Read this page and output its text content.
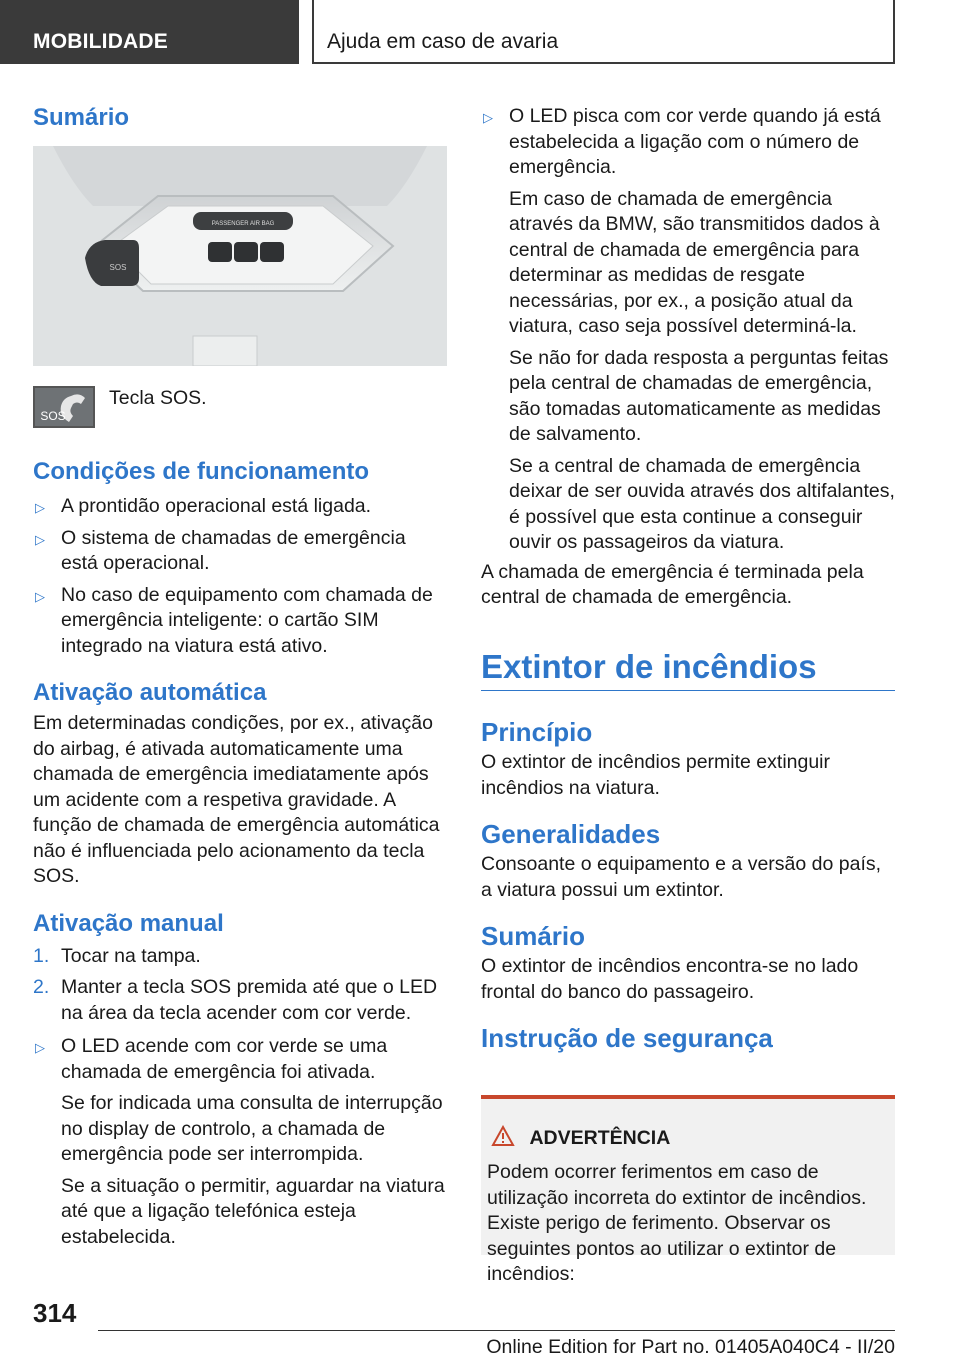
MOBILIDADE	Ajuda em caso de avaria
Sumário
PASSENGER AIR BAG
SOS
SOS
Tecla SOS.
Condições de funcionamento
▷ A prontidão operacional está ligada.
▷ O sistema de chamadas de emergência está operacional.
▷ No caso de equipamento com chamada de emergência inteligente: o cartão SIM integrado na viatura está ativo.
Ativação automática
Em determinadas condições, por ex., ativação do airbag, é ativada automaticamente uma chamada de emergência imediatamente após um acidente com a respetiva gravidade. A função de chamada de emergência automática não é influenciada pelo acionamento da tecla SOS.
Ativação manual
1. Tocar na tampa.
2. Manter a tecla SOS premida até que o LED na área da tecla acender com cor verde.
▷ O LED acende com cor verde se uma chamada de emergência foi ativada.
Se for indicada uma consulta de interrupção no display de controlo, a chamada de emergência pode ser interrompida.
Se a situação o permitir, aguardar na viatura até que a ligação telefónica esteja estabelecida.
▷ O LED pisca com cor verde quando já está estabelecida a ligação com o número de emergência.
Em caso de chamada de emergência através da BMW, são transmitidos dados à central de chamada de emergência para determinar as medidas de resgate necessárias, por ex., a posição atual da viatura, caso seja possível determiná-la.
Se não for dada resposta a perguntas feitas pela central de chamadas de emergência, são tomadas automaticamente as medidas de salvamento.
Se a central de chamada de emergência deixar de ser ouvida através dos altifalantes, é possível que esta continue a conseguir ouvir os passageiros da viatura.
A chamada de emergência é terminada pela central de chamada de emergência.
Extintor de incêndios
Princípio
O extintor de incêndios permite extinguir incêndios na viatura.
Generalidades
Consoante o equipamento e a versão do país, a viatura possui um extintor.
Sumário
O extintor de incêndios encontra-se no lado frontal do banco do passageiro.
Instrução de segurança
ADVERTÊNCIA
Podem ocorrer ferimentos em caso de utilização incorreta do extintor de incêndios. Existe perigo de ferimento. Observar os seguintes pontos ao utilizar o extintor de incêndios:
314
Online Edition for Part no. 01405A040C4 - II/20
